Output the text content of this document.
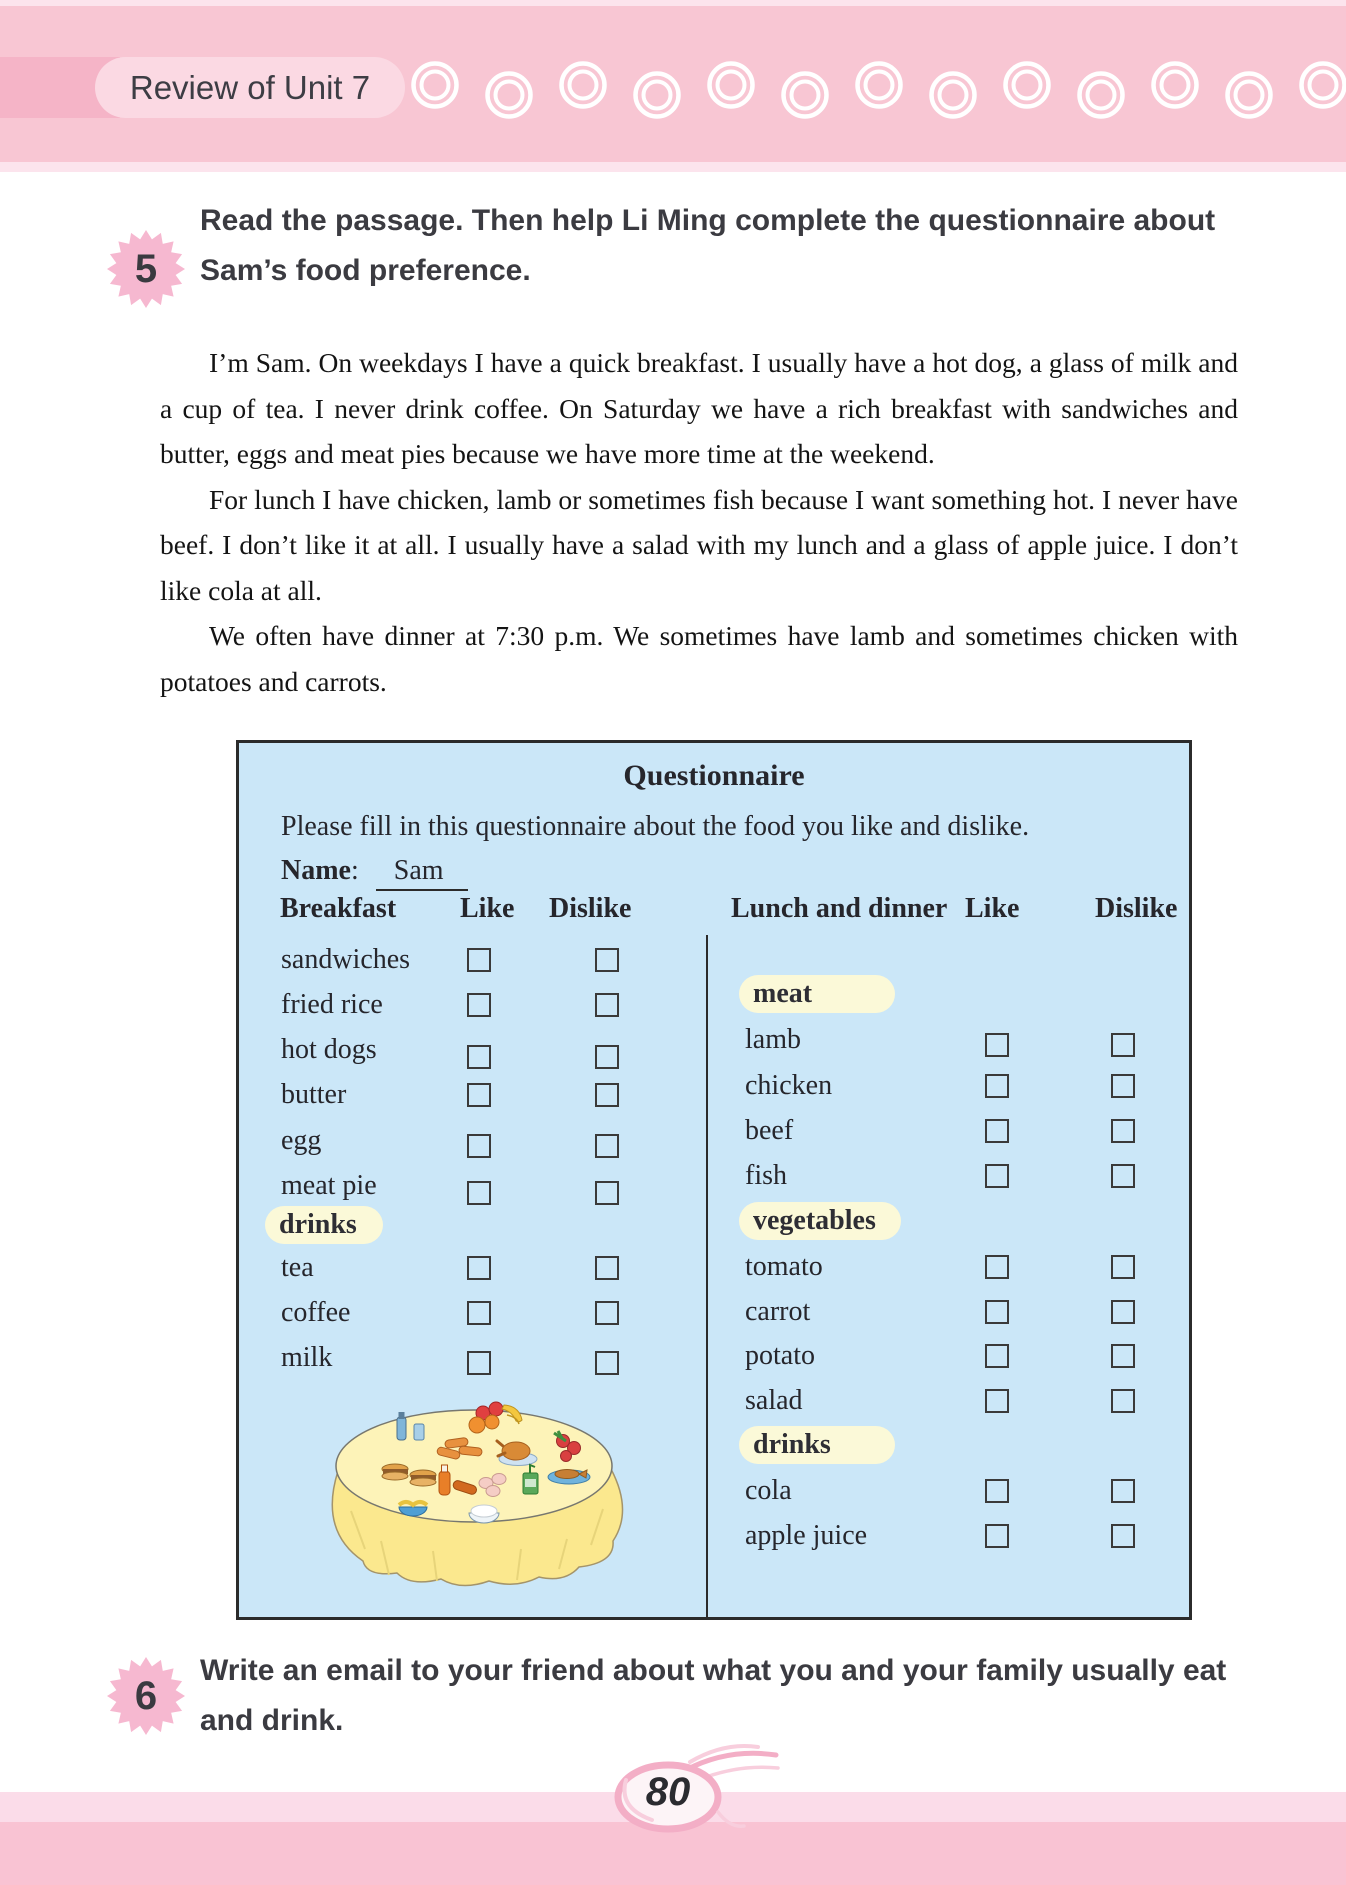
Review of Unit 7
5
Read the passage. Then help Li Ming complete the questionnaire about Sam’s food preference.

I’m Sam. On weekdays I have a quick breakfast. I usually have a hot dog, a glass of milk and a cup of tea. I never drink coffee. On Saturday we have a rich breakfast with sandwiches and butter, eggs and meat pies because we have more time at the weekend.

For lunch I have chicken, lamb or sometimes fish because I want something hot. I never have beef. I don’t like it at all. I usually have a salad with my lunch and a glass of apple juice. I don’t like cola at all.

We often have dinner at 7:30 p.m. We sometimes have lamb and sometimes chicken with potatoes and carrots.

Questionnaire
Please fill in this questionnaire about the food you like and dislike.
Name: Sam
Breakfast Like Dislike	Lunch and dinner Like	Dislike
sandwiches
fried rice
hot dogs
butter
egg
meat pie
drinks
tea
coffee
milk
meat
lamb
chicken
beef
fish
vegetables
tomato
carrot
potato
salad
drinks
cola
apple juice
6
Write an email to your friend about what you and your family usually eat and drink.
80
